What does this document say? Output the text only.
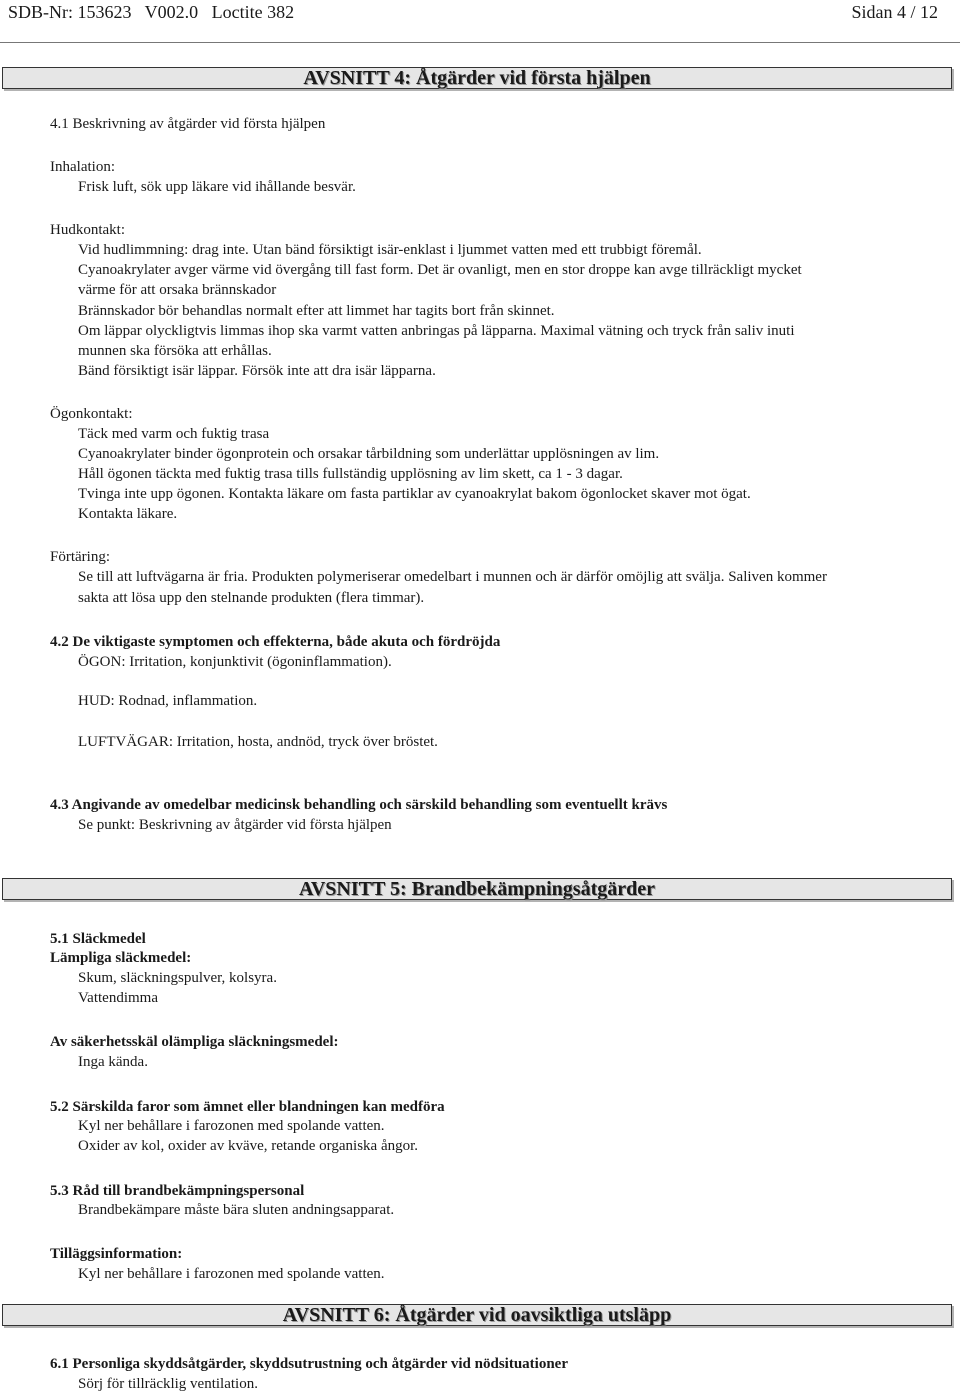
SDB-Nr: 153623   V002.0   Loctite 382	Sidan 4 / 12
AVSNITT 4: Åtgärder vid första hjälpen
4.1 Beskrivning av åtgärder vid första hjälpen
Inhalation:
Frisk luft, sök upp läkare vid ihållande besvär.
Hudkontakt:
Vid hudlimmning: drag inte. Utan bänd försiktigt isär-enklast i ljummet vatten med ett trubbigt föremål.
Cyanoakrylater avger värme vid övergång till fast form. Det är ovanligt, men en stor droppe kan avge tillräckligt mycket
värme för att orsaka brännskador
Brännskador bör behandlas normalt efter att limmet har tagits bort från skinnet.
Om läppar olyckligtvis limmas ihop ska varmt vatten anbringas på läpparna. Maximal vätning och tryck från saliv inuti
munnen ska försöka att erhållas.
Bänd försiktigt isär läppar. Försök inte att dra isär läpparna.
Ögonkontakt:
Täck med varm och fuktig trasa
Cyanoakrylater binder ögonprotein och orsakar tårbildning som underlättar upplösningen av lim.
Håll ögonen täckta med fuktig trasa tills fullständig upplösning av lim skett, ca 1 - 3 dagar.
Tvinga inte upp ögonen. Kontakta läkare om fasta partiklar av cyanoakrylat bakom ögonlocket skaver mot ögat.
Kontakta läkare.
Förtäring:
Se till att luftvägarna är fria. Produkten polymeriserar omedelbart i munnen och är därför omöjlig att svälja. Saliven kommer
sakta att lösa upp den stelnande produkten (flera timmar).
4.2 De viktigaste symptomen och effekterna, både akuta och fördröjda
ÖGON: Irritation, konjunktivit (ögoninflammation).
HUD: Rodnad, inflammation.
LUFTVÄGAR: Irritation, hosta, andnöd, tryck över bröstet.
4.3 Angivande av omedelbar medicinsk behandling och särskild behandling som eventuellt krävs
Se punkt: Beskrivning av åtgärder vid första hjälpen
AVSNITT 5: Brandbekämpningsåtgärder
5.1 Släckmedel
Lämpliga släckmedel:
Skum, släckningspulver, kolsyra.
Vattendimma
Av säkerhetsskäl olämpliga släckningsmedel:
Inga kända.
5.2 Särskilda faror som ämnet eller blandningen kan medföra
Kyl ner behållare i farozonen med spolande vatten.
Oxider av kol, oxider av kväve, retande organiska ångor.
5.3 Råd till brandbekämpningspersonal
Brandbekämpare måste bära sluten andningsapparat.
Tilläggsinformation:
Kyl ner behållare i farozonen med spolande vatten.
AVSNITT 6: Åtgärder vid oavsiktliga utsläpp
6.1 Personliga skyddsåtgärder, skyddsutrustning och åtgärder vid nödsituationer
Sörj för tillräcklig ventilation.
